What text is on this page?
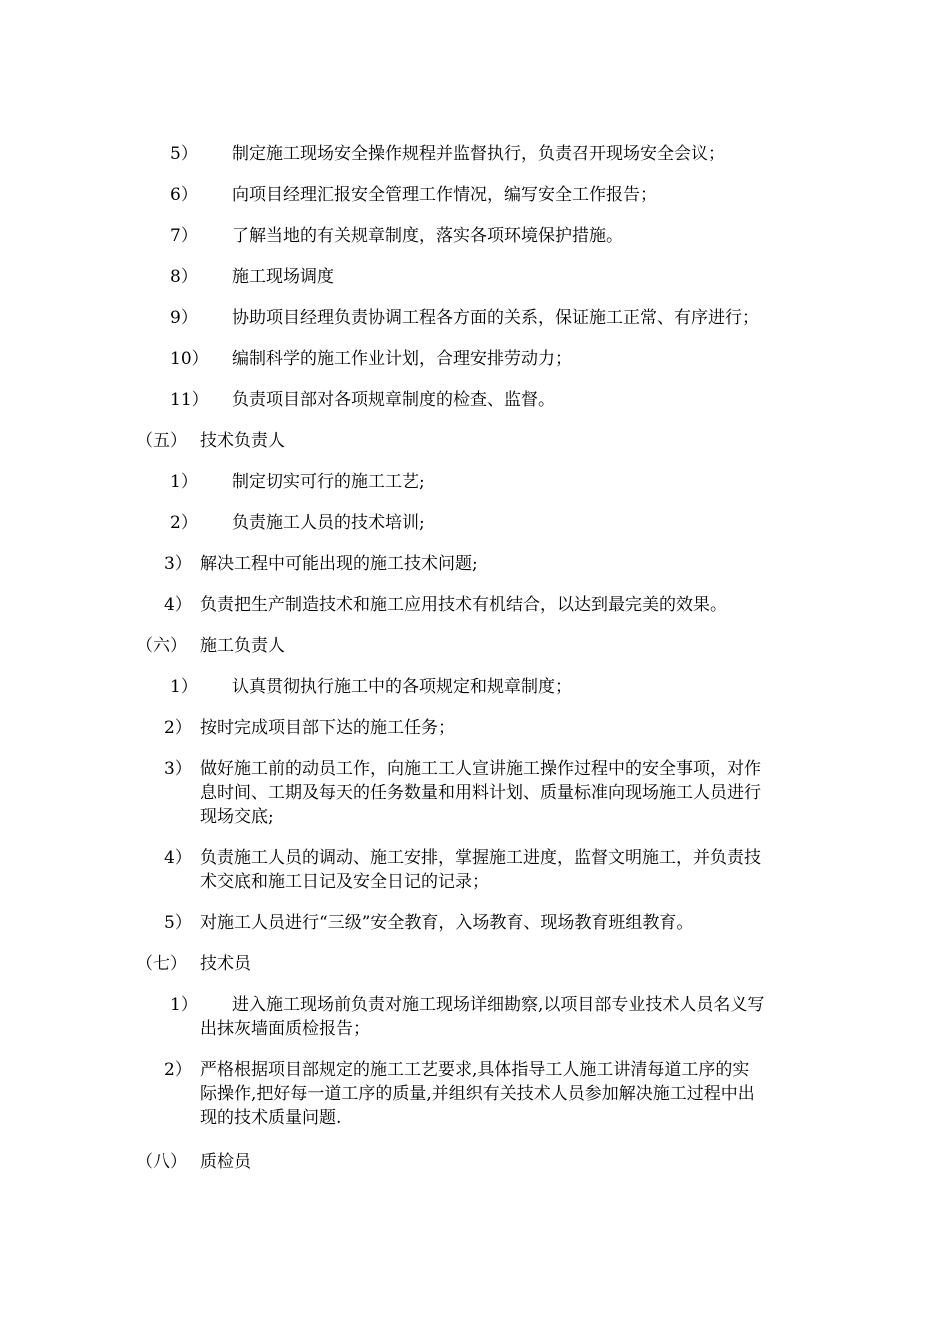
5） 制定施工现场安全操作规程并监督执行，负责召开现场安全会议；
6） 向项目经理汇报安全管理工作情况，编写安全工作报告；
7） 了解当地的有关规章制度，落实各项环境保护措施。
8） 施工现场调度
9） 协助项目经理负责协调工程各方面的关系，保证施工正常、有序进行；
10） 编制科学的施工作业计划，合理安排劳动力；
11） 负责项目部对各项规章制度的检查、监督。
（五） 技术负责人
1） 制定切实可行的施工工艺;
2） 负责施工人员的技术培训;
3） 解决工程中可能出现的施工技术问题;
4） 负责把生产制造技术和施工应用技术有机结合，以达到最完美的效果。
（六） 施工负责人
1） 认真贯彻执行施工中的各项规定和规章制度；
2） 按时完成项目部下达的施工任务；
3） 做好施工前的动员工作，向施工工人宣讲施工操作过程中的安全事项，对作
息时间、工期及每天的任务数量和用料计划、质量标准向现场施工人员进行
现场交底;
4） 负责施工人员的调动、施工安排，掌握施工进度，监督文明施工，并负责技
术交底和施工日记及安全日记的记录；
5） 对施工人员进行“三级”安全教育，入场教育、现场教育班组教育。
（七） 技术员
1） 进入施工现场前负责对施工现场详细勘察,以项目部专业技术人员名义写
出抹灰墙面质检报告；
2） 严格根据项目部规定的施工工艺要求,具体指导工人施工讲清每道工序的实
际操作,把好每一道工序的质量,并组织有关技术人员参加解决施工过程中出
现的技术质量问题.
（八） 质检员
